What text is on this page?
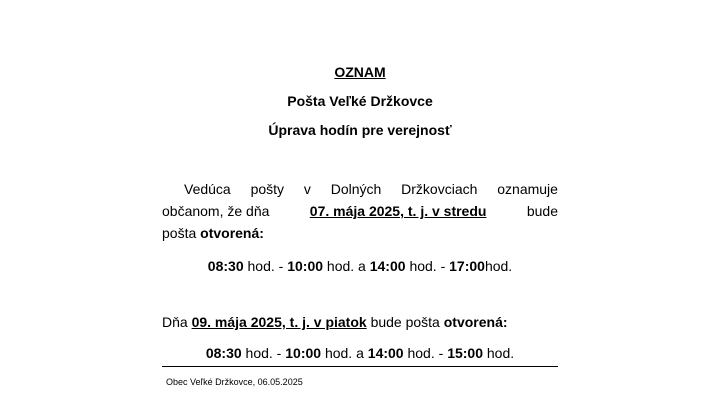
OZNAM
Pošta Veľké Držkovce
Úprava hodín pre verejnosť
Vedúca pošty v Dolných Držkovciach oznamuje
občanom, že dňa	07. mája 2025, t. j. v stredu	bude
pošta otvorená:
08:30 hod. - 10:00 hod. a 14:00 hod. - 17:00hod.
Dňa 09. mája 2025, t. j. v piatok bude pošta otvorená:
08:30 hod. - 10:00 hod. a 14:00 hod. - 15:00 hod.
Obec Veľké Držkovce, 06.05.2025
